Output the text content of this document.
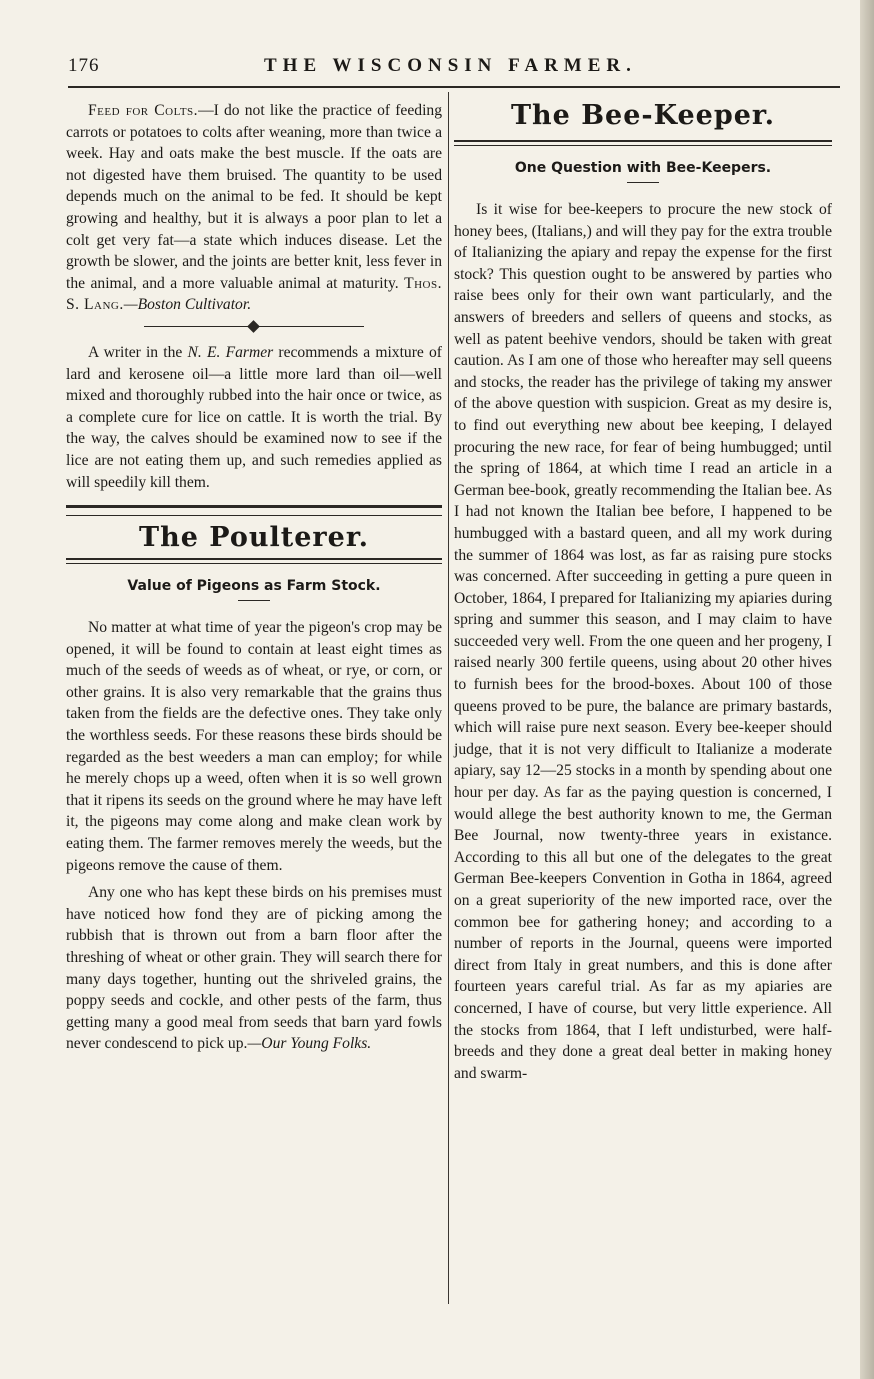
176	THE WISCONSIN FARMER.

Feed for Colts.—I do not like the practice of feeding carrots or potatoes to colts after weaning, more than twice a week. Hay and oats make the best muscle. If the oats are not digested have them bruised. The quantity to be used depends much on the animal to be fed. It should be kept growing and healthy, but it is always a poor plan to let a colt get very fat—a state which induces disease. Let the growth be slower, and the joints are better knit, less fever in the animal, and a more valuable animal at maturity. Thos. S. Lang.—Boston Cultivator.

A writer in the N. E. Farmer recommends a mixture of lard and kerosene oil—a little more lard than oil—well mixed and thoroughly rubbed into the hair once or twice, as a complete cure for lice on cattle. It is worth the trial. By the way, the calves should be examined now to see if the lice are not eating them up, and such remedies applied as will speedily kill them.

The Poulterer.
Value of Pigeons as Farm Stock.

No matter at what time of year the pigeon's crop may be opened, it will be found to contain at least eight times as much of the seeds of weeds as of wheat, or rye, or corn, or other grains. It is also very remarkable that the grains thus taken from the fields are the defective ones. They take only the worthless seeds. For these reasons these birds should be regarded as the best weeders a man can employ; for while he merely chops up a weed, often when it is so well grown that it ripens its seeds on the ground where he may have left it, the pigeons may come along and make clean work by eating them. The farmer removes merely the weeds, but the pigeons remove the cause of them.

Any one who has kept these birds on his premises must have noticed how fond they are of picking among the rubbish that is thrown out from a barn floor after the threshing of wheat or other grain. They will search there for many days together, hunting out the shriveled grains, the poppy seeds and cockle, and other pests of the farm, thus getting many a good meal from seeds that barn yard fowls never condescend to pick up.—Our Young Folks.

The Bee-Keeper.
One Question with Bee-Keepers.

Is it wise for bee-keepers to procure the new stock of honey bees, (Italians,) and will they pay for the extra trouble of Italianizing the apiary and repay the expense for the first stock? This question ought to be answered by parties who raise bees only for their own want particularly, and the answers of breeders and sellers of queens and stocks, as well as patent beehive vendors, should be taken with great caution. As I am one of those who hereafter may sell queens and stocks, the reader has the privilege of taking my answer of the above question with suspicion. Great as my desire is, to find out everything new about bee keeping, I delayed procuring the new race, for fear of being humbugged; until the spring of 1864, at which time I read an article in a German bee-book, greatly recommending the Italian bee. As I had not known the Italian bee before, I happened to be humbugged with a bastard queen, and all my work during the summer of 1864 was lost, as far as raising pure stocks was concerned. After succeeding in getting a pure queen in October, 1864, I prepared for Italianizing my apiaries during spring and summer this season, and I may claim to have succeeded very well. From the one queen and her progeny, I raised nearly 300 fertile queens, using about 20 other hives to furnish bees for the brood-boxes. About 100 of those queens proved to be pure, the balance are primary bastards, which will raise pure next season. Every bee-keeper should judge, that it is not very difficult to Italianize a moderate apiary, say 12—25 stocks in a month by spending about one hour per day. As far as the paying question is concerned, I would allege the best authority known to me, the German Bee Journal, now twenty-three years in existance. According to this all but one of the delegates to the great German Bee-keepers Convention in Gotha in 1864, agreed on a great superiority of the new imported race, over the common bee for gathering honey; and according to a number of reports in the Journal, queens were imported direct from Italy in great numbers, and this is done after fourteen years careful trial. As far as my apiaries are concerned, I have of course, but very little experience. All the stocks from 1864, that I left undisturbed, were half-breeds and they done a great deal better in making honey and swarm-
